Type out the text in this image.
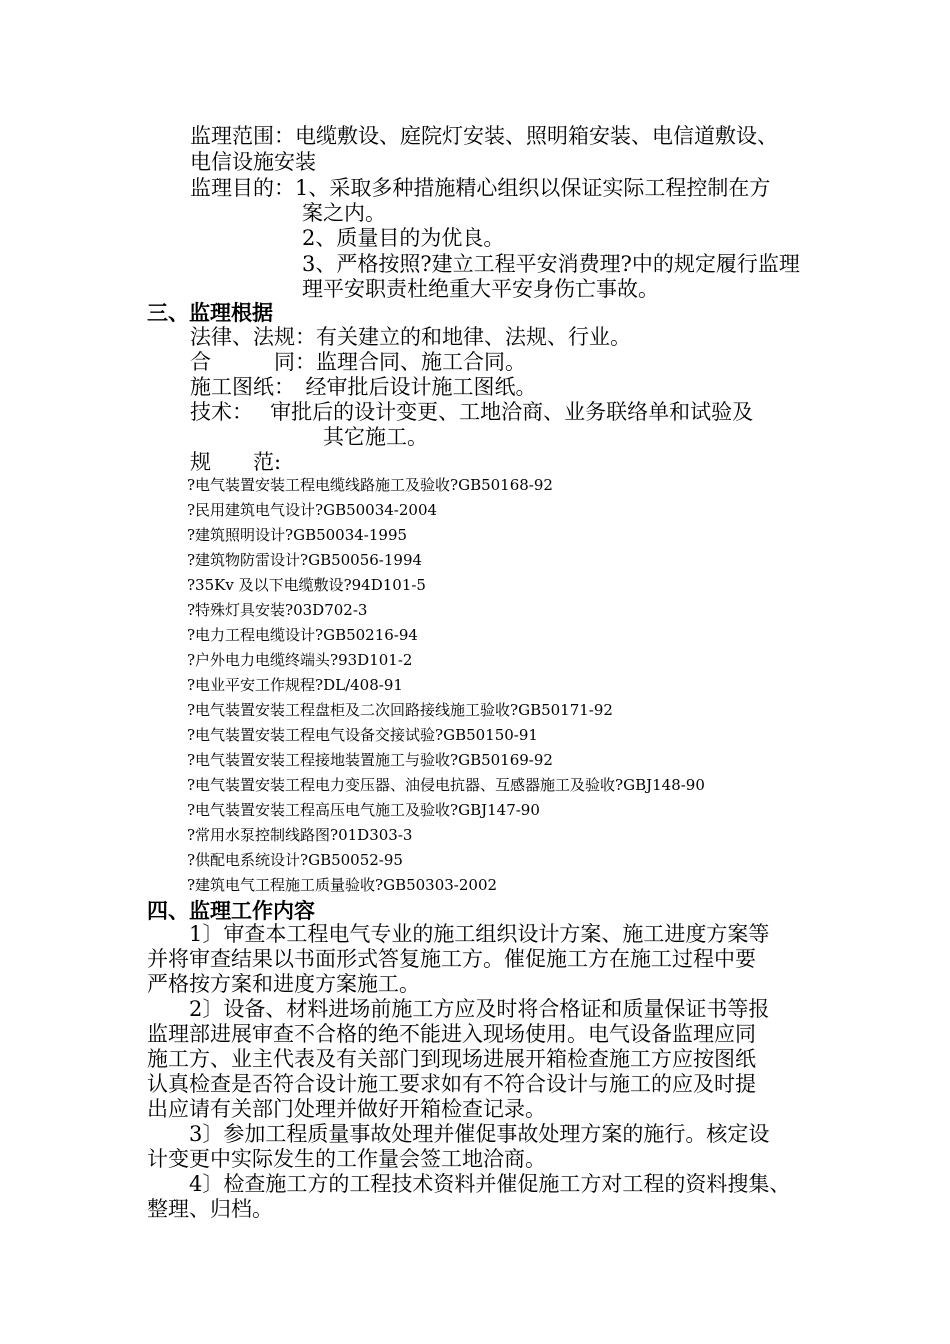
监理范围：电缆敷设、庭院灯安装、照明箱安装、电信道敷设、
电信设施安装
监理目的：1、采取多种措施精心组织以保证实际工程控制在方
案之内。
2、质量目的为优良。
3、严格按照?建立工程平安消费理?中的规定履行监理
理平安职责杜绝重大平安身伤亡事故。
三、监理根据
法律、法规：有关建立的和地律、法规、行业。
合　　　同：监理合同、施工合同。
施工图纸：　经审批后设计施工图纸。
技术：　 审批后的设计变更、工地洽商、业务联络单和试验及
其它施工。
规　　范:
?电气装置安装工程电缆线路施工及验收?GB50168-92
?民用建筑电气设计?GB50034-2004
?建筑照明设计?GB50034-1995
?建筑物防雷设计?GB50056-1994
?35Kv 及以下电缆敷设?94D101-5
?特殊灯具安装?03D702-3
?电力工程电缆设计?GB50216-94
?户外电力电缆终端头?93D101-2
?电业平安工作规程?DL/408-91
?电气装置安装工程盘柜及二次回路接线施工验收?GB50171-92
?电气装置安装工程电气设备交接试验?GB50150-91
?电气装置安装工程接地装置施工与验收?GB50169-92
?电气装置安装工程电力变压器、油侵电抗器、互感器施工及验收?GBJ148-90
?电气装置安装工程高压电气施工及验收?GBJ147-90
?常用水泵控制线路图?01D303-3
?供配电系统设计?GB50052-95
?建筑电气工程施工质量验收?GB50303-2002
四、监理工作内容
1〕审查本工程电气专业的施工组织设计方案、施工进度方案等
并将审查结果以书面形式答复施工方。催促施工方在施工过程中要
严格按方案和进度方案施工。
2〕设备、材料进场前施工方应及时将合格证和质量保证书等报
监理部进展审查不合格的绝不能进入现场使用。电气设备监理应同
施工方、业主代表及有关部门到现场进展开箱检查施工方应按图纸
认真检查是否符合设计施工要求如有不符合设计与施工的应及时提
出应请有关部门处理并做好开箱检查记录。
3〕参加工程质量事故处理并催促事故处理方案的施行。核定设
计变更中实际发生的工作量会签工地洽商。
4〕检查施工方的工程技术资料并催促施工方对工程的资料搜集、
整理、归档。
